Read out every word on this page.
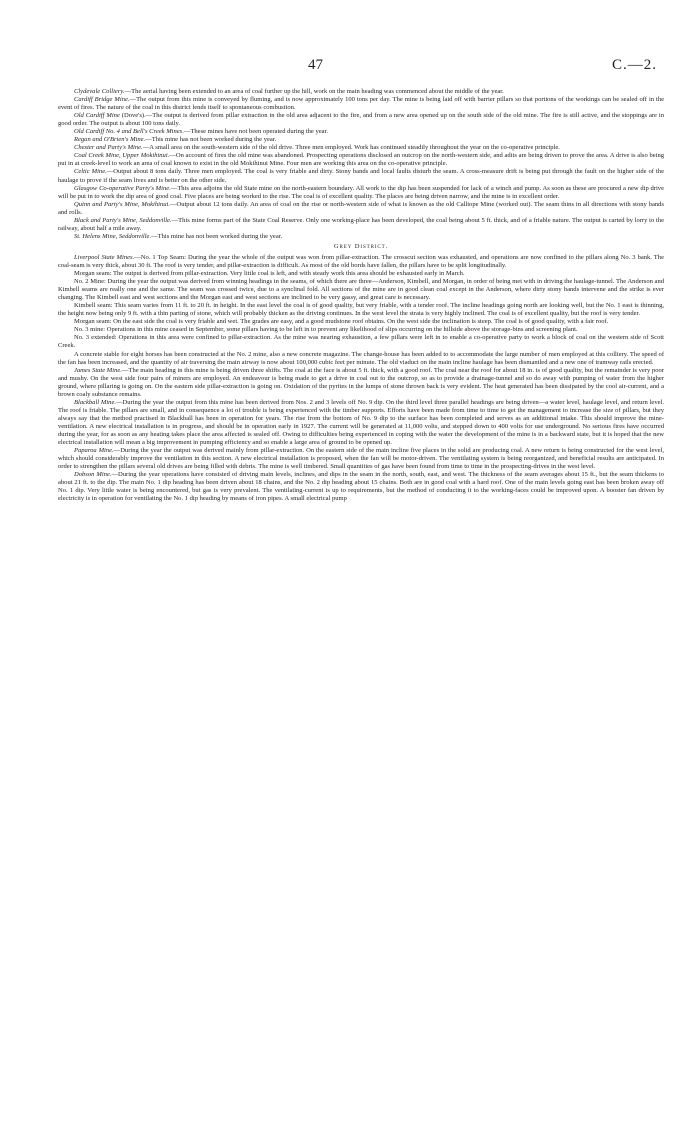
47	C.—2.

Clydevale Colliery.—The aerial having been extended to an area of coal further up the hill, work on the main heading was commenced about the middle of the year.

Cardiff Bridge Mine.—The output from this mine is conveyed by fluming, and is now approximately 100 tons per day. The mine is being laid off with barrier pillars so that portions of the workings can be sealed off in the event of fires. The nature of the coal in this district lends itself to spontaneous combustion.

Old Cardiff Mine (Dove's).—The output is derived from pillar extraction in the old area adjacent to the fire, and from a new area opened up on the south side of the old mine. The fire is still active, and the stoppings are in good order. The output is about 100 tons daily.

Old Cardiff No. 4 and Bell's Creek Mines.—These mines have not been operated during the year.

Regan and O'Brien's Mine.—This mine has not been worked during the year.

Chester and Party's Mine.—A small area on the south-western side of the old drive. Three men employed. Work has continued steadily throughout the year on the co-operative principle.

Coal Creek Mine, Upper Mokihinui.—On account of fires the old mine was abandoned. Prospecting operations disclosed an outcrop on the north-western side, and adits are being driven to prove the area. A drive is also being put in at creek-level to work an area of coal known to exist in the old Mokihinui Mine. Four men are working this area on the co-operative principle.

Celtic Mine.—Output about 8 tons daily. Three men employed. The coal is very friable and dirty. Stony bands and local faults disturb the seam. A cross-measure drift is being put through the fault on the higher side of the haulage to prove if the seam lives and is better on the other side.

Glasgow Co-operative Party's Mine.—This area adjoins the old State mine on the north-eastern boundary. All work to the dip has been suspended for lack of a winch and pump. As soon as these are procured a new dip drive will be put in to work the dip area of good coal. Five places are being worked to the rise. The coal is of excellent quality. The places are being driven narrow, and the mine is in excellent order.

Quinn and Party's Mine, Mokihinui.—Output about 12 tons daily. An area of coal on the rise or north-western side of what is known as the old Calliope Mine (worked out). The seam thins in all directions with stony bands and rolls.

Black and Party's Mine, Seddonville.—This mine forms part of the State Coal Reserve. Only one working-place has been developed, the coal being about 5 ft. thick, and of a friable nature. The output is carted by lorry to the railway, about half a mile away.

St. Helens Mine, Seddonville.—This mine has not been worked during the year.

Grey District.

Liverpool State Mines.—No. 1 Top Seam: During the year the whole of the output was won from pillar-extraction. The crosscut section was exhausted, and operations are now confined to the pillars along No. 3 bank. The coal-seam is very thick, about 30 ft. The roof is very tender, and pillar-extraction is difficult. As most of the old bords have fallen, the pillars have to be split longitudinally.

Morgan seam: The output is derived from pillar-extraction. Very little coal is left, and with steady work this area should be exhausted early in March.

No. 2 Mine: During the year the output was derived from winning headings in the seams, of which there are three—Anderson, Kimbell, and Morgan, in order of being met with in driving the haulage-tunnel. The Anderson and Kimbell seams are really one and the same. The seam was crossed twice, due to a synclinal fold. All sections of the mine are in good clean coal except in the Anderson, where dirty stony bands intervene and the strike is ever changing. The Kimbell east and west sections and the Morgan east and west sections are inclined to be very gassy, and great care is necessary.

Kimbell seam: This seam varies from 11 ft. to 20 ft. in height. In the east level the coal is of good quality, but very friable, with a tender roof. The incline headings going north are looking well, but the No. 1 east is thinning, the height now being only 9 ft. with a thin parting of stone, which will probably thicken as the driving continues. In the west level the strata is very highly inclined. The coal is of excellent quality, but the roof is very tender.

Morgan seam: On the east side the coal is very friable and wet. The grades are easy, and a good mudstone roof obtains. On the west side the inclination is steep. The coal is of good quality, with a fair roof.

No. 3 mine: Operations in this mine ceased in September, some pillars having to be left in to prevent any likelihood of slips occurring on the hillside above the storage-bins and screening plant.

No. 3 extended: Operations in this area were confined to pillar-extraction. As the mine was nearing exhaustion, a few pillars were left in to enable a co-operative party to work a block of coal on the western side of Scott Creek.

A concrete stable for eight horses has been constructed at the No. 2 mine, also a new concrete magazine. The change-house has been added to to accommodate the large number of men employed at this colliery. The speed of the fan has been increased, and the quantity of air traversing the main airway is now about 100,000 cubic feet per minute. The old viaduct on the main incline haulage has been dismantled and a new one of tramway rails erected.

James State Mine.—The main heading in this mine is being driven three shifts. The coal at the face is about 5 ft. thick, with a good roof. The coal near the roof for about 18 in. is of good quality, but the remainder is very poor and mushy. On the west side four pairs of miners are employed. An endeavour is being made to get a drive in coal out to the outcrop, so as to provide a drainage-tunnel and so do away with pumping of water from the higher ground, where pillaring is going on. On the eastern side pillar-extraction is going on. Oxidation of the pyrites in the lumps of stone thrown back is very evident. The heat generated has been dissipated by the cool air-current, and a brown coaly substance remains.

Blackball Mine.—During the year the output from this mine has been derived from Nos. 2 and 3 levels off No. 9 dip. On the third level three parallel headings are being driven—a water level, haulage level, and return level. The roof is friable. The pillars are small, and in consequence a lot of trouble is being experienced with the timber supports. Efforts have been made from time to time to get the management to increase the size of pillars, but they always say that the method practised in Blackball has been in operation for years. The rise from the bottom of No. 9 dip to the surface has been completed and serves as an additional intake. This should improve the mine-ventilation. A new electrical installation is in progress, and should be in operation early in 1927. The current will be generated at 11,000 volts, and stepped down to 400 volts for use underground. No serious fires have occurred during the year, for as soon as any heating takes place the area affected is sealed off. Owing to difficulties being experienced in coping with the water the development of the mine is in a backward state, but it is hoped that the new electrical installation will mean a big improvement in pumping efficiency and so enable a large area of ground to be opened up.

Paparoa Mine.—During the year the output was derived mainly from pillar-extraction. On the eastern side of the main incline five places in the solid are producing coal. A new return is being constructed for the west level, which should considerably improve the ventilation in this section. A new electrical installation is proposed, when the fan will be motor-driven. The ventilating system is being reorganized, and beneficial results are anticipated. In order to strengthen the pillars several old drives are being filled with debris. The mine is well timbered. Small quantities of gas have been found from time to time in the prospecting-drives in the west level.

Dobson Mine.—During the year operations have consisted of driving main levels, inclines, and dips in the seam in the north, south, east, and west. The thickness of the seam averages about 15 ft., but the seam thickens to about 21 ft. to the dip. The main No. 1 dip heading has been driven about 18 chains, and the No. 2 dip heading about 15 chains. Both are in good coal with a hard roof. One of the main levels going east has been broken away off No. 1 dip. Very little water is being encountered, but gas is very prevalent. The ventilating-current is up to requirements, but the method of conducting it to the working-faces could be improved upon. A booster fan driven by electricity is in operation for ventilating the No. 1 dip heading by means of iron pipes. A small electrical pump
